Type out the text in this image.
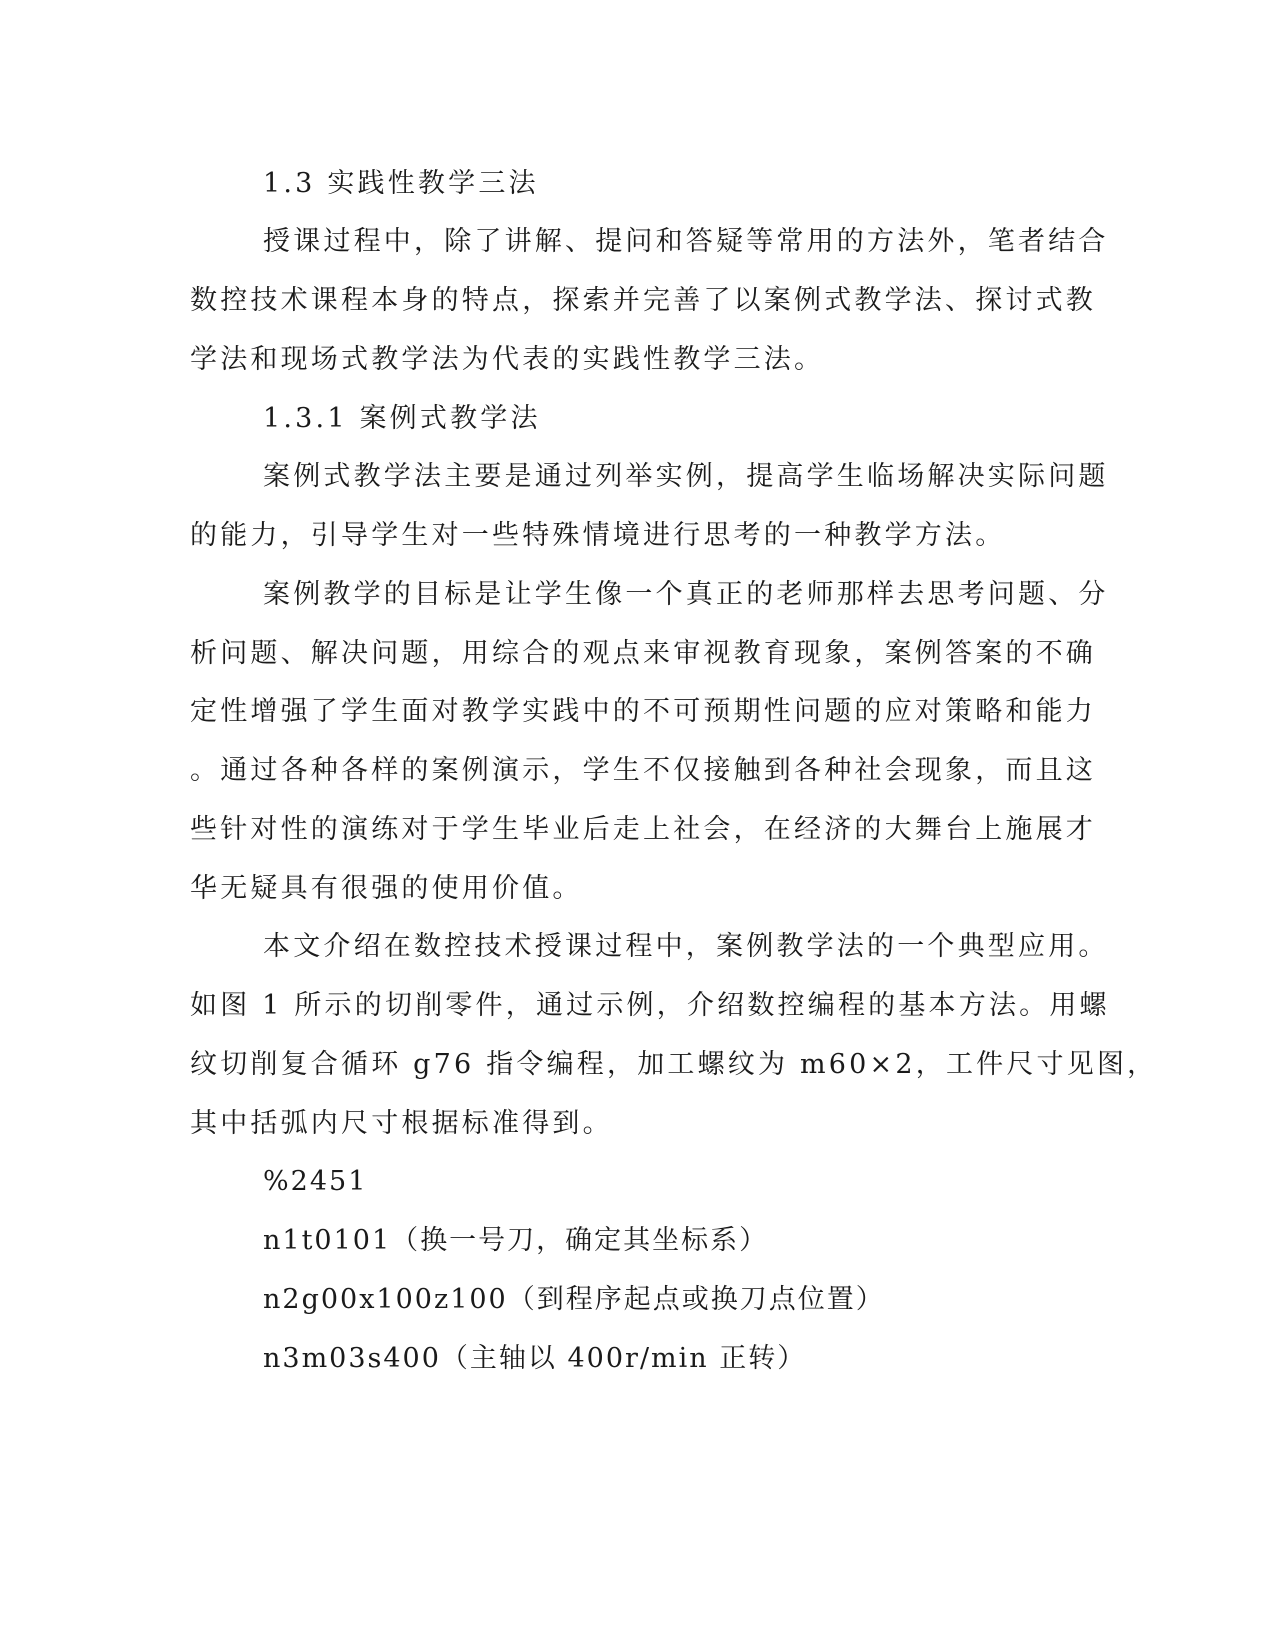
1.3 实践性教学三法
授课过程中，除了讲解、提问和答疑等常用的方法外，笔者结合
数控技术课程本身的特点，探索并完善了以案例式教学法、探讨式教
学法和现场式教学法为代表的实践性教学三法。
1.3.1 案例式教学法
案例式教学法主要是通过列举实例，提高学生临场解决实际问题
的能力，引导学生对一些特殊情境进行思考的一种教学方法。
案例教学的目标是让学生像一个真正的老师那样去思考问题、分
析问题、解决问题，用综合的观点来审视教育现象，案例答案的不确
定性增强了学生面对教学实践中的不可预期性问题的应对策略和能力
。通过各种各样的案例演示，学生不仅接触到各种社会现象，而且这
些针对性的演练对于学生毕业后走上社会，在经济的大舞台上施展才
华无疑具有很强的使用价值。
本文介绍在数控技术授课过程中，案例教学法的一个典型应用。
如图 1 所示的切削零件，通过示例，介绍数控编程的基本方法。用螺
纹切削复合循环 g76 指令编程，加工螺纹为 m60×2，工件尺寸见图，
其中括弧内尺寸根据标准得到。
%2451
n1t0101（换一号刀，确定其坐标系）
n2g00x100z100（到程序起点或换刀点位置）
n3m03s400（主轴以 400r/min 正转）
